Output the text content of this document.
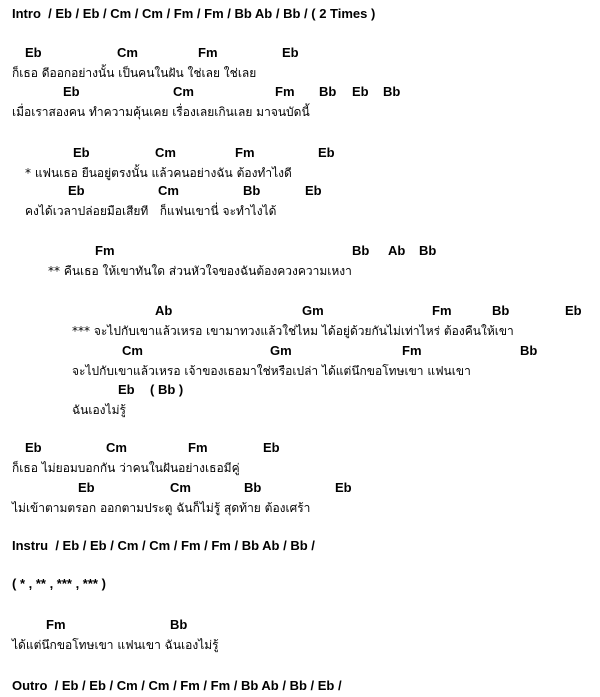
Intro  / Eb / Eb / Cm / Cm / Fm / Fm / Bb Ab / Bb / ( 2 Times )
Eb	Cm	Fm	Eb
ก็เธอ ดีออกอย่างนั้น เป็นคนในฝัน ใช่เลย ใช่เลย
Eb	Cm	Fm Bb Eb Bb
เมื่อเราสองคน ทำความคุ้นเคย เรื่องเลยเกินเลย มาจนบัดนี้
Eb	Cm	Fm	Eb
* แฟนเธอ ยืนอยู่ตรงนั้น แล้วคนอย่างฉัน ต้องทำไงดี
Eb	Cm	Bb	Eb
คงได้เวลาปล่อยมือเสียที   ก็แฟนเขานี่ จะทำไงได้
Fm	Bb Ab Bb
** คืนเธอ ให้เขาทันใด ส่วนหัวใจของฉันต้องควงความเหงา
Ab	Gm	Fm	Bb	Eb
*** จะไปกับเขาแล้วเหรอ เขามาทวงแล้วใช่ไหม ได้อยู่ด้วยกันไม่เท่าไหร่ ต้องคืนให้เขา
Cm	Gm	Fm	Bb
จะไปกับเขาแล้วเหรอ เจ้าของเธอมาใช่หรือเปล่า ได้แต่นึกขอโทษเขา แฟนเขา
Eb ( Bb )
ฉันเองไม่รู้
Eb	Cm	Fm	Eb
ก็เธอ ไม่ยอมบอกกัน ว่าคนในฝันอย่างเธอมีคู่
Eb	Cm	Bb	Eb
ไม่เข้าตามตรอก ออกตามประตู ฉันก็ไม่รู้ สุดท้าย ต้องเศร้า
Instru  / Eb / Eb / Cm / Cm / Fm / Fm / Bb Ab / Bb /
( * , ** , *** , *** )
Fm	Bb
ได้แต่นึกขอโทษเขา แฟนเขา ฉันเองไม่รู้
Outro  / Eb / Eb / Cm / Cm / Fm / Fm / Bb Ab / Bb / Eb /
